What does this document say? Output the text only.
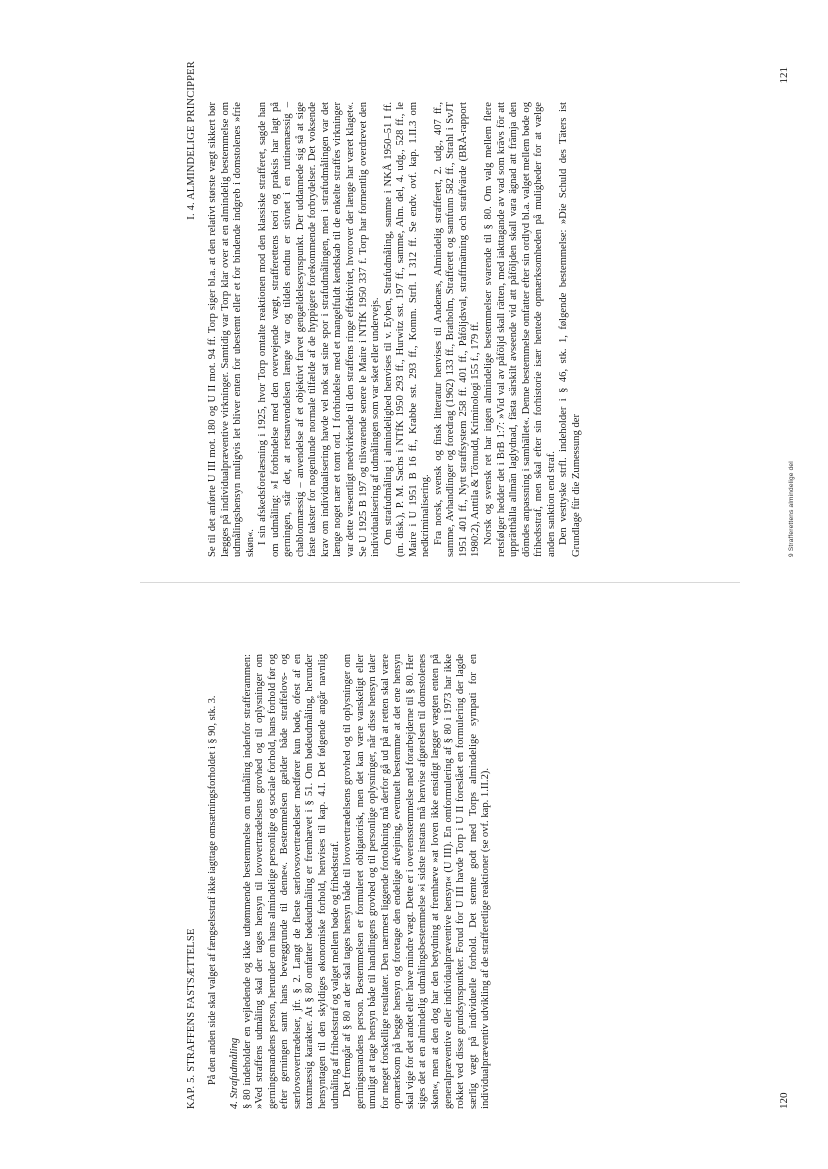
KAP. 5. STRAFFENS FASTSÆTTELSE På den anden side skal valget af fængselsstraf ikke iagttage omsætningsforholdet i § 90, stk. 3. 4. Strafudmåling § 80 indeholder en vejledende og ikke udtømmende bestemmelse om udmåling indenfor strafferammen: »Ved straffens udmåling skal der tages hensyn til lovovertrædelsens grovhed og til oplysninger om gerningsmandens person, herunder om hans almindelige personlige og sociale forhold, hans forhold før og efter gerningen samt hans bevæggrunde til denne«. Bestemmelsen gælder både straffelovs- og særlovsovertrædelser, jfr. § 2. Langt de fleste særlovsovertrædelser medfører kun bøde, ofest af en taxtmæssig karakter. At § 80 omfatter bødeudmåling er fremhævet i § 51. Om bødeudmåling, herunder hensyntagen til den skyldiges økonomiske forhold, henvises til kap. 4.I. Det følgende angår navnlig udmåling af frihedsstraf og valget mellem bøde og frihedsstraf. Det fremgår af § 80 at der skal tages hensyn både til lovovertrædelsens grovhed og til oplysninger om gerningsmandens person. Bestemmelsen er formuleret obligatorisk, men det kan være vanskeligt eller umuligt at tage hensyn både til handlingens grovhed og til personlige oplysninger, når disse hensyn taler for meget forskellige resultater. Den nærmest liggende fortolkning må derfor gå ud på at retten skal være opmærksom på begge hensyn og foretage den endelige afvejning, eventuelt bestemme at det ene hensyn skal vige for det andet eller have mindre vægt. Dette er i overensstemmelse med forarbejderne til § 80. Her siges det at en almindelig udmålingsbestemmelse »i sidste instans må henvise afgørelsen til domstolenes skøn«, men at den dog har den betydning at fremhæve »at loven ikke ensidigt lægger vægten enten på generalpræventive eller individualpræventive hensyn« (U III). En omformulering af § 80 i 1973 har ikke rokket ved disse grundsynspunkter. Forud for U III havde Torp i U II foreslået en formulering der lagde særlig vægt på individuelle forhold. Det stemte godt med Torps almindelige sympati for en individualpræventiv udvikling af de strafferetlige reaktioner (se ovf. kap. 1.II.2).	120
I. 4. ALMINDELIGE PRINCIPPER Se til det anførte U III mot. 180 og U II mot. 94 ff. Torp siger bl.a. at den relativt største vægt sikkert bør lægges på individualpræventive virkninger. Samtidig var Torp klar over at en almindelig bestemmelse om udmålingshensyn muligvis let bliver enten for ubestemt eller et for bindende indgreb i domstolenes »frie skøn«. I sin afskedsforelæsning i 1925, hvor Torp omtalte reaktionen mod den klassiske strafferet, sagde han om udmåling: »I forbindelse med den overvejende vægt, strafferettens teori og praksis har lagt på gerningen, står det, at retsanvendelsen længe var og tildels endnu er stivnet i en rutinemæssig – chablonmæssig – anvendelse af et objektivt farvet gengældelsesynspunkt. Der uddannede sig så at sige faste takster for nogenlunde normale tilfælde af de hyppigere forekommende forbrydelser. Det voksende krav om individualisering havde vel nok sat sine spor i strafudmålingen, men i strafudmålingen var det længe noget nær et tomt ord. I forbindelse med et mangelfuldt kendskab til de enkelte straffes virkninger var dette væsentligt medvirkende til den straffens ringe effektivitet, hvorover der længe har været klaget«. Se U 1925 B 197 og tilsvarende senere le Maire i NTfK 1950 337 f. Torp har formentlig overdrevet den individualisering af udmålingen som var sket eller undervejs. Om strafudmåling i almindelighed henvises til v. Eyben, Strafudmåling, samme i NKÅ 1950–51 I ff. (m. disk.), P. M. Sachs i NTfK 1950 293 ff., Hurwitz sst. 197 ff., samme, Alm. del, 4. udg., 528 ff., le Maire i U 1951 B 16 ff., Krabbe sst. 293 ff., Komm. Strfl. I 312 ff. Se endv. ovf. kap. 1.II.3 om nedkriminalisering. Fra norsk, svensk og finsk litteratur henvises til Andenæs, Almindelig strafferett, 2. udg., 407 ff., samme, Avhandlinger og foredrag (1962) 133 ff., Bratholm, Strafferett og samfunn 582 ff., Strahl i SvJT 1951 401 ff., Nytt straffsystem 258 ff. 401 ff., Påföljdsval, straffmätning och straffvärde (BRÅ-rapport 1980:2), Anttila & Törnudd, Kriminologi 155 f., 179 ff. Norsk og svensk ret har ingen almindelige bestemmelser svarende til § 80. Om valg mellem flere retsfølger hedder det i BrB 1:7: »Vid val av påföljd skall rätten, med iakttagande av vad som krävs för att upprätthålla allmän laglydnad, fästa särskilt avseende vid att påföljden skall vara ägnad att främja den dömdes anpassning i samhället«. Denne bestemmelse omfatter efter sin ordlyd bl.a. valget mellem bøde og frihedsstraf, men skal efter sin forhistorie især hentede opmærksomheden på muligheder for at vælge anden sanktion end straf. Den vesttyske strfl. indeholder i § 46, stk. 1, følgende bestemmelse: »Die Schuld des Täters ist Grundlage für die Zumessung der	9 Strafferettens almindelige del
121
